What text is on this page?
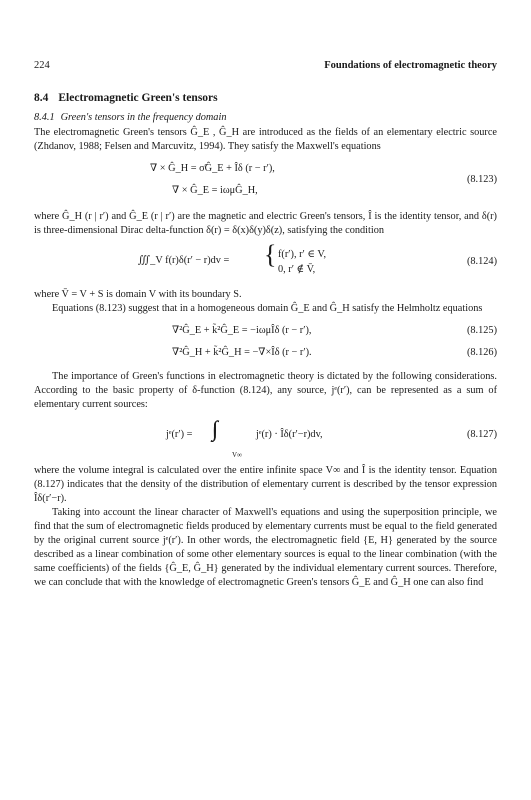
224	Foundations of electromagnetic theory
8.4 Electromagnetic Green's tensors
8.4.1 Green's tensors in the frequency domain

The electromagnetic Green's tensors Ĝ_E , Ĝ_H are introduced as the fields of an elementary electric source (Zhdanov, 1988; Felsen and Marcuvitz, 1994). They satisfy the Maxwell's equations

∇ × Ĝ_H = σ̃Ĝ_E + Îδ (r − r′),
∇ × Ĝ_E = iωμĜ_H,
(8.123)

where Ĝ_H (r | r′) and Ĝ_E (r | r′) are the magnetic and electric Green's tensors, Î is the identity tensor, and δ(r) is three-dimensional Dirac delta-function δ(r) = δ(x)δ(y)δ(z), satisfying the condition

∭_V f(r)δ(r′ − r)dv = { f(r′), r′ ∈ V,
0, r′ ∉ V̄,
(8.124)

where V̄ = V + S is domain V with its boundary S.

Equations (8.123) suggest that in a homogeneous domain Ĝ_E and Ĝ_H satisfy the Helmholtz equations

∇²Ĝ_E + k̃²Ĝ_E = −iωμÎδ (r − r′),	(8.125)
∇²Ĝ_H + k̃²Ĝ_H = −∇×Îδ (r − r′).	(8.126)

The importance of Green's functions in electromagnetic theory is dictated by the following considerations. According to the basic property of δ-function (8.124), any source, jᵉ(r′), can be represented as a sum of elementary current sources:

jᵉ(r′) = ∫∫∫
V∞
jᵉ(r) · Îδ(r′−r)dv,	(8.127)

where the volume integral is calculated over the entire infinite space V∞ and Î is the identity tensor. Equation (8.127) indicates that the density of the distribution of elementary current is described by the tensor expression Îδ(r′−r).

Taking into account the linear character of Maxwell's equations and using the superposition principle, we find that the sum of electromagnetic fields produced by elementary currents must be equal to the field generated by the original current source jᵉ(r′). In other words, the electromagnetic field {E, H} generated by the source described as a linear combination of some other elementary sources is equal to the linear combination (with the same coefficients) of the fields {Ĝ_E, Ĝ_H} generated by the individual elementary current sources. Therefore, we can conclude that with the knowledge of electromagnetic Green's tensors Ĝ_E and Ĝ_H one can also find
